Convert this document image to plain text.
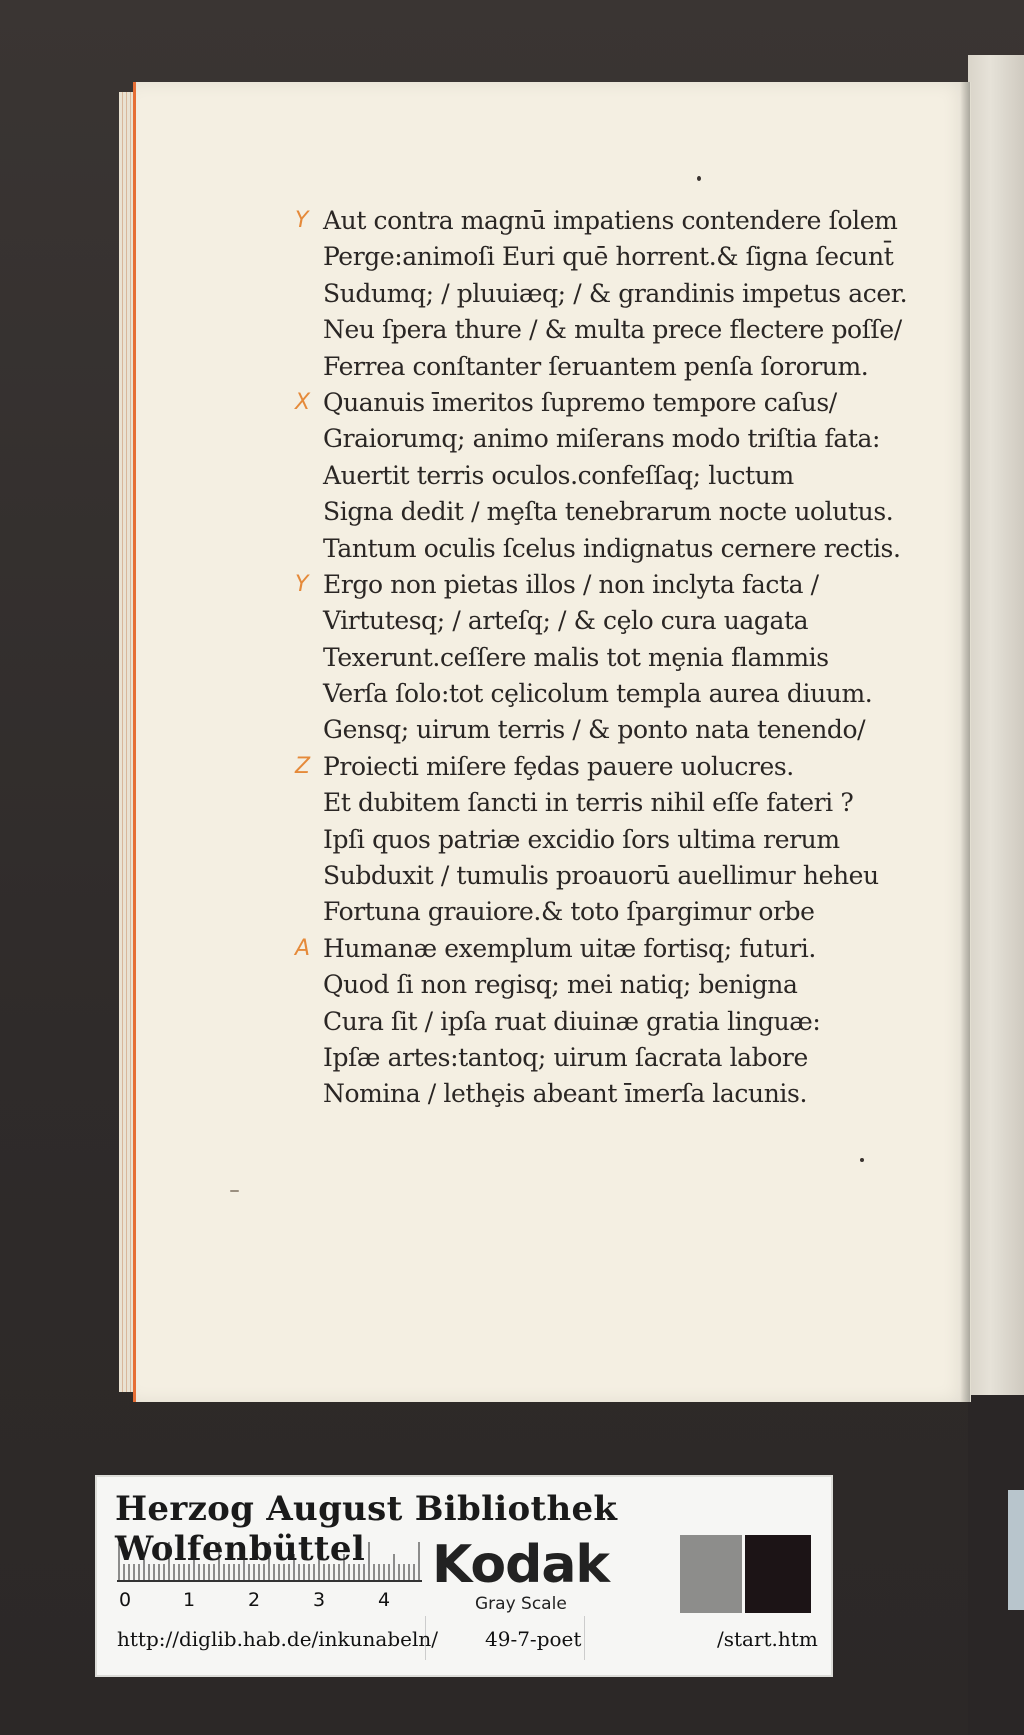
Y Aut contra magnū impatiens contendere ſolem
Perge:animoſi Euri quē horrent.& ſigna ſecunt̄
Sudumq; / pluuiæq; / & grandinis impetus acer.
Neu ſpera thure / & multa prece flectere poſſe/
Ferrea conſtanter ſeruantem penſa ſororum.
X Quanuis īmeritos ſupremo tempore caſus/
Graiorumq; animo miſerans modo triſtia fata:
Auertit terris oculos.confeſſaq; luctum
Signa dedit / mȩſta tenebrarum nocte uolutus.
Tantum oculis ſcelus indignatus cernere rectis.
Y Ergo non pietas illos / non inclyta facta /
Virtutesq; / arteſq; / & cȩlo cura uagata
Texerunt.ceſſere malis tot mȩnia flammis
Verſa ſolo:tot cȩlicolum templa aurea diuum.
Gensq; uirum terris / & ponto nata tenendo/
Z Proiecti miſere fȩdas pauere uolucres.
Et dubitem ſancti in terris nihil eſſe fateri ?
Ipſi quos patriæ excidio ſors ultima rerum
Subduxit / tumulis proauorū auellimur heheu
Fortuna grauiore.& toto ſpargimur orbe
A Humanæ exemplum uitæ fortisq; futuri.
Quod ſi non regisq; mei natiq; benigna
Cura ſit / ipſa ruat diuinæ gratia linguæ:
Ipſæ artes:tantoq; uirum ſacrata labore
Nomina / lethȩis abeant īmerſa lacunis.
Herzog August Bibliothek Wolfenbüttel
0	1	2	3	4
Kodak
Gray Scale
http://diglib.hab.de/inkunabeln/ 49-7-poet	/start.htm
